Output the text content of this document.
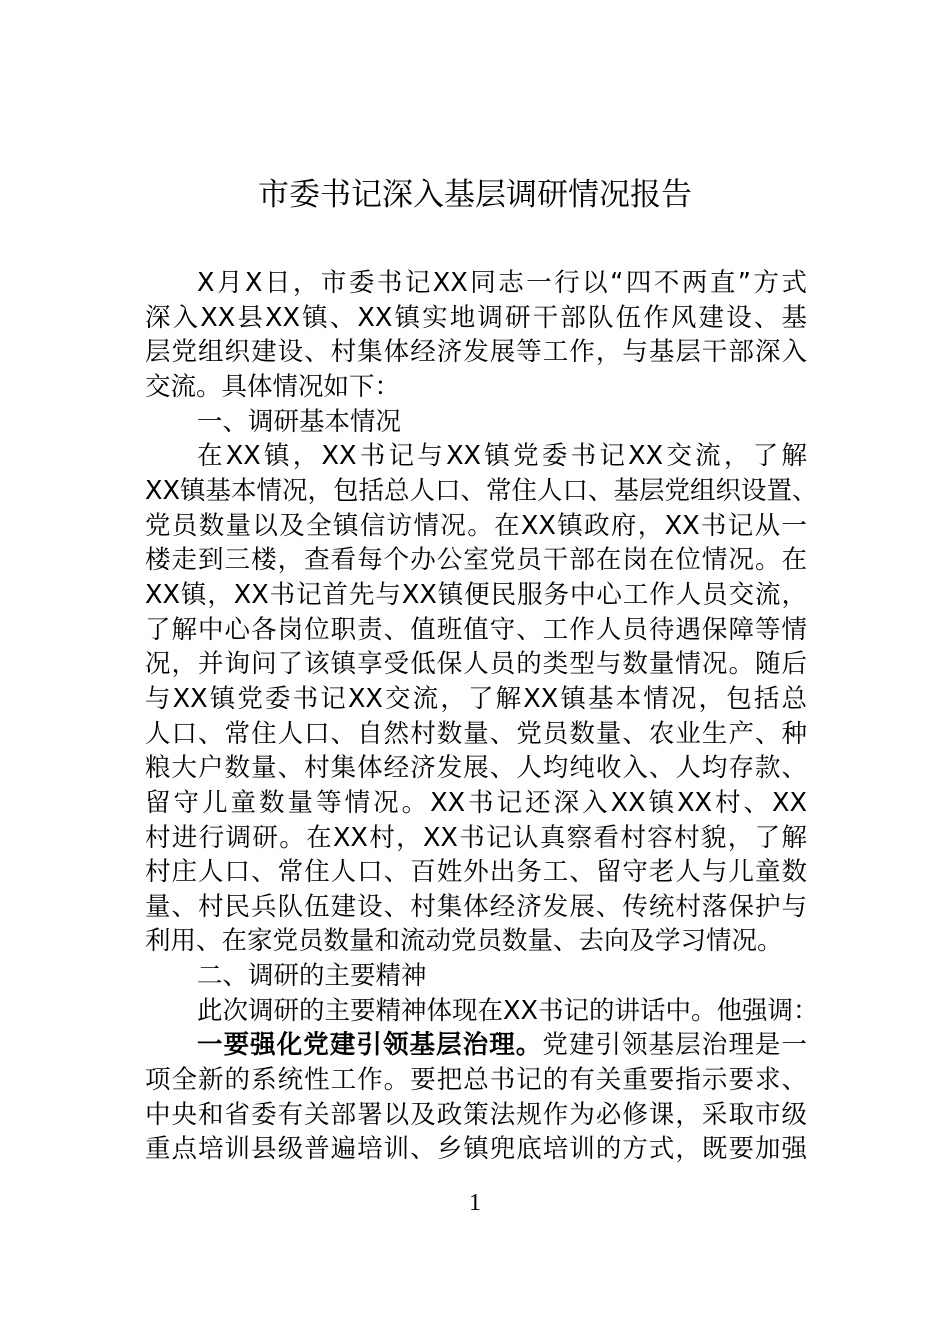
市委书记深入基层调研情况报告
X月X日，市委书记XX同志一行以“四不两直”方式
深入XX县XX镇、XX镇实地调研干部队伍作风建设、基
层党组织建设、村集体经济发展等工作，与基层干部深入
交流。具体情况如下：
一、调研基本情况
在XX镇，XX书记与XX镇党委书记XX交流，了解
XX镇基本情况，包括总人口、常住人口、基层党组织设置、
党员数量以及全镇信访情况。在XX镇政府，XX书记从一
楼走到三楼，查看每个办公室党员干部在岗在位情况。在
XX镇，XX书记首先与XX镇便民服务中心工作人员交流，
了解中心各岗位职责、值班值守、工作人员待遇保障等情
况，并询问了该镇享受低保人员的类型与数量情况。随后
与XX镇党委书记XX交流，了解XX镇基本情况，包括总
人口、常住人口、自然村数量、党员数量、农业生产、种
粮大户数量、村集体经济发展、人均纯收入、人均存款、
留守儿童数量等情况。XX书记还深入XX镇XX村、XX
村进行调研。在XX村，XX书记认真察看村容村貌，了解
村庄人口、常住人口、百姓外出务工、留守老人与儿童数
量、村民兵队伍建设、村集体经济发展、传统村落保护与
利用、在家党员数量和流动党员数量、去向及学习情况。
二、调研的主要精神
此次调研的主要精神体现在XX书记的讲话中。他强调：
一要强化党建引领基层治理。党建引领基层治理是一
项全新的系统性工作。要把总书记的有关重要指示要求、
中央和省委有关部署以及政策法规作为必修课，采取市级
重点培训县级普遍培训、乡镇兜底培训的方式，既要加强
1
